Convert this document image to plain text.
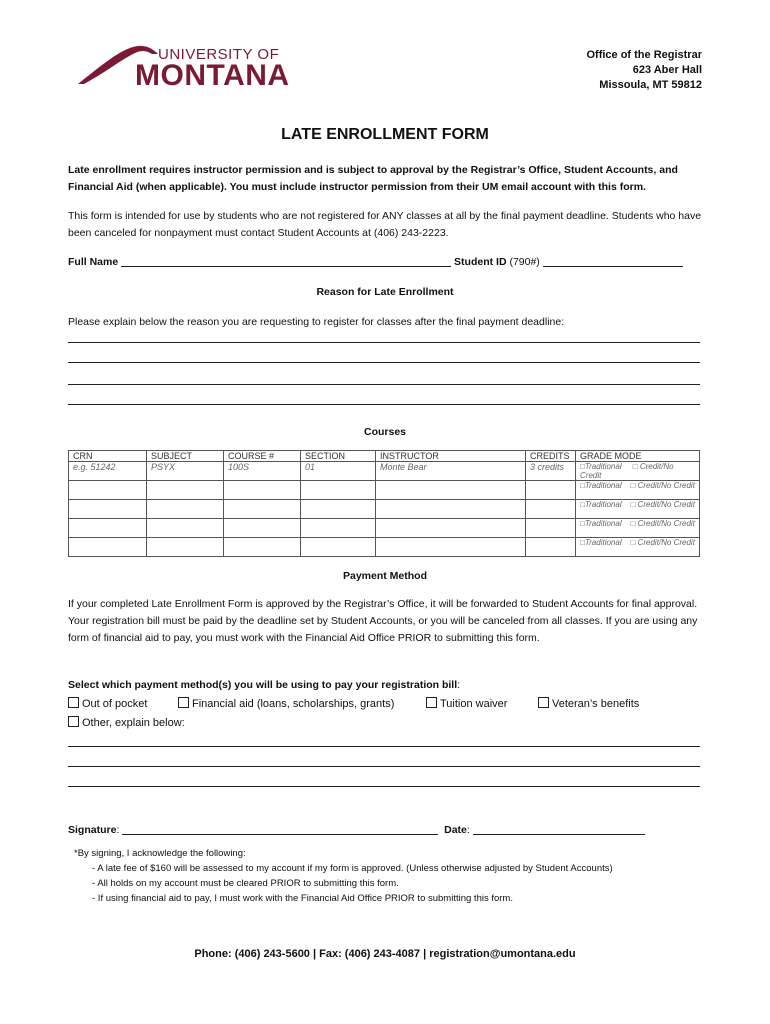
UNIVERSITY OF
MONTANA
Office of the Registrar
623 Aber Hall
Missoula, MT 59812
LATE ENROLLMENT FORM
Late enrollment requires instructor permission and is subject to approval by the Registrar’s Office, Student Accounts, and Financial Aid (when applicable). You must include instructor permission from their UM email account with this form.
This form is intended for use by students who are not registered for ANY classes at all by the final payment deadline. Students who have been canceled for nonpayment must contact Student Accounts at (406) 243-2223.
Full Name	Student ID (790#)
Reason for Late Enrollment
Please explain below the reason you are requesting to register for classes after the final payment deadline:
Courses
CRN	SUBJECT	COURSE #	SECTION	INSTRUCTOR	CREDITS	GRADE MODE
e.g. 51242	PSYX	100S	01	Monte Bear	3 credits	□Traditional □ Credit/No Credit
						□Traditional □ Credit/No Credit
						□Traditional □ Credit/No Credit
						□Traditional □ Credit/No Credit
						□Traditional □ Credit/No Credit
Payment Method
If your completed Late Enrollment Form is approved by the Registrar’s Office, it will be forwarded to Student Accounts for final approval. Your registration bill must be paid by the deadline set by Student Accounts, or you will be canceled from all classes. If you are using any form of financial aid to pay, you must work with the Financial Aid Office PRIOR to submitting this form.
Select which payment method(s) you will be using to pay your registration bill:
Out of pocket	Financial aid (loans, scholarships, grants)	Tuition waiver	Veteran’s benefits
Other, explain below:
Signature:	Date:
*By signing, I acknowledge the following:
- A late fee of $160 will be assessed to my account if my form is approved. (Unless otherwise adjusted by Student Accounts)
- All holds on my account must be cleared PRIOR to submitting this form.
- If using financial aid to pay, I must work with the Financial Aid Office PRIOR to submitting this form.
Phone: (406) 243-5600 | Fax: (406) 243-4087 | registration@umontana.edu
